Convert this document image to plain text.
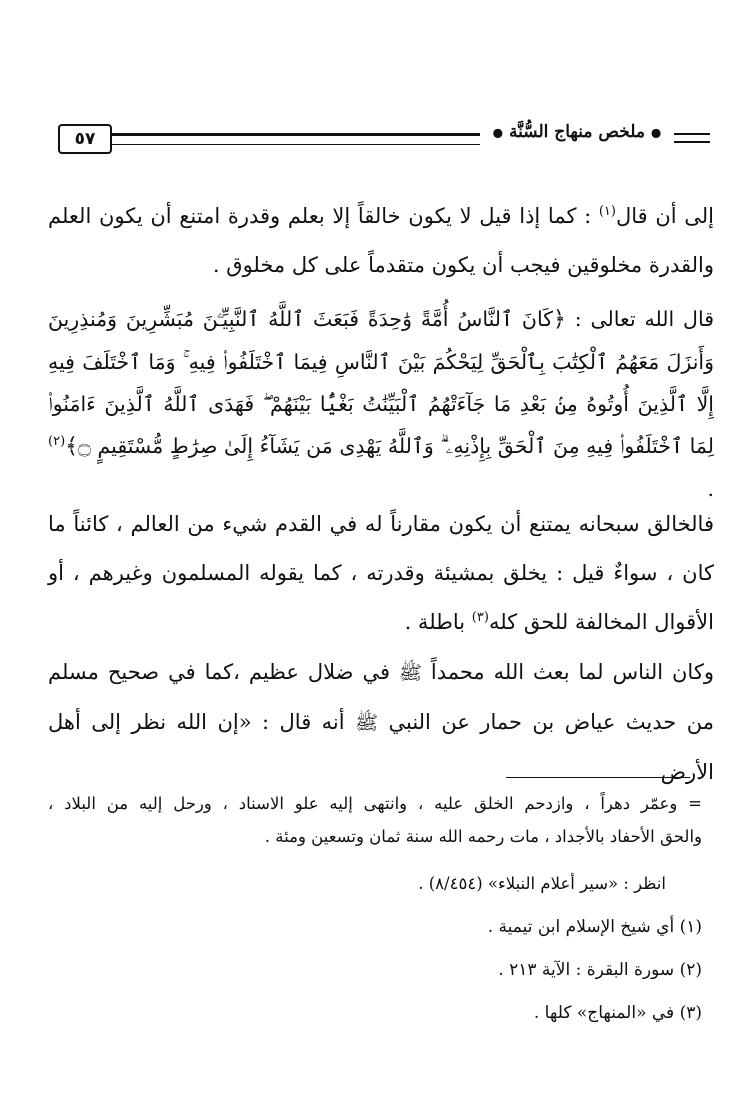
٥٧	● ملخص منهاج السُّنَّة ●
إلى أن قال$^{(١)}$ : كما إذا قيل لا يكون خالقاً إلا بعلم وقدرة امتنع أن يكون العلم والقدرة مخلوقين فيجب أن يكون متقدماً على كل مخلوق .
قال الله تعالى : ﴿كَانَ ٱلنَّاسُ أُمَّةً وَٰحِدَةً فَبَعَثَ ٱللَّهُ ٱلنَّبِيِّـۧنَ مُبَشِّرِينَ وَمُنذِرِينَ وَأَنزَلَ مَعَهُمُ ٱلْكِتَٰبَ بِٱلْحَقِّ لِيَحْكُمَ بَيْنَ ٱلنَّاسِ فِيمَا ٱخْتَلَفُوا۟ فِيهِ ۚ وَمَا ٱخْتَلَفَ فِيهِ إِلَّا ٱلَّذِينَ أُوتُوهُ مِنۢ بَعْدِ مَا جَآءَتْهُمُ ٱلْبَيِّنَٰتُ بَغْيًۢا بَيْنَهُمْ ۖ فَهَدَى ٱللَّهُ ٱلَّذِينَ ءَامَنُوا۟ لِمَا ٱخْتَلَفُوا۟ فِيهِ مِنَ ٱلْحَقِّ بِإِذْنِهِۦ ۗ وَٱللَّهُ يَهْدِى مَن يَشَآءُ إِلَىٰ صِرَٰطٍ مُّسْتَقِيمٍ ۝﴾$^{(٢)}$ .
فالخالق سبحانه يمتنع أن يكون مقارناً له في القدم شيء من العالم ، كائناً ما كان ، سواءٌ قيل : يخلق بمشيئة وقدرته ، كما يقوله المسلمون وغيرهم ، أو الأقوال المخالفة للحق كله$^{(٣)}$ باطلة .
وكان الناس لما بعث الله محمداً ﷺ في ضلال عظيم ،كما في صحيح مسلم من حديث عياض بن حمار عن النبي ﷺ أنه قال : «إن الله نظر إلى أهل الأرض
= وعمّر دهراً ، وازدحم الخلق عليه ، وانتهى إليه علو الاسناد ، ورحل إليه من البلاد ،
والحق الأحفاد بالأجداد ، مات رحمه الله سنة ثمان وتسعين ومئة .
انظر : «سير أعلام النبلاء» (٨/٤٥٤) .
(١) أي شيخ الإسلام ابن تيمية .
(٢) سورة البقرة : الآية ٢١٣ .
(٣) في «المنهاج» كلها .
